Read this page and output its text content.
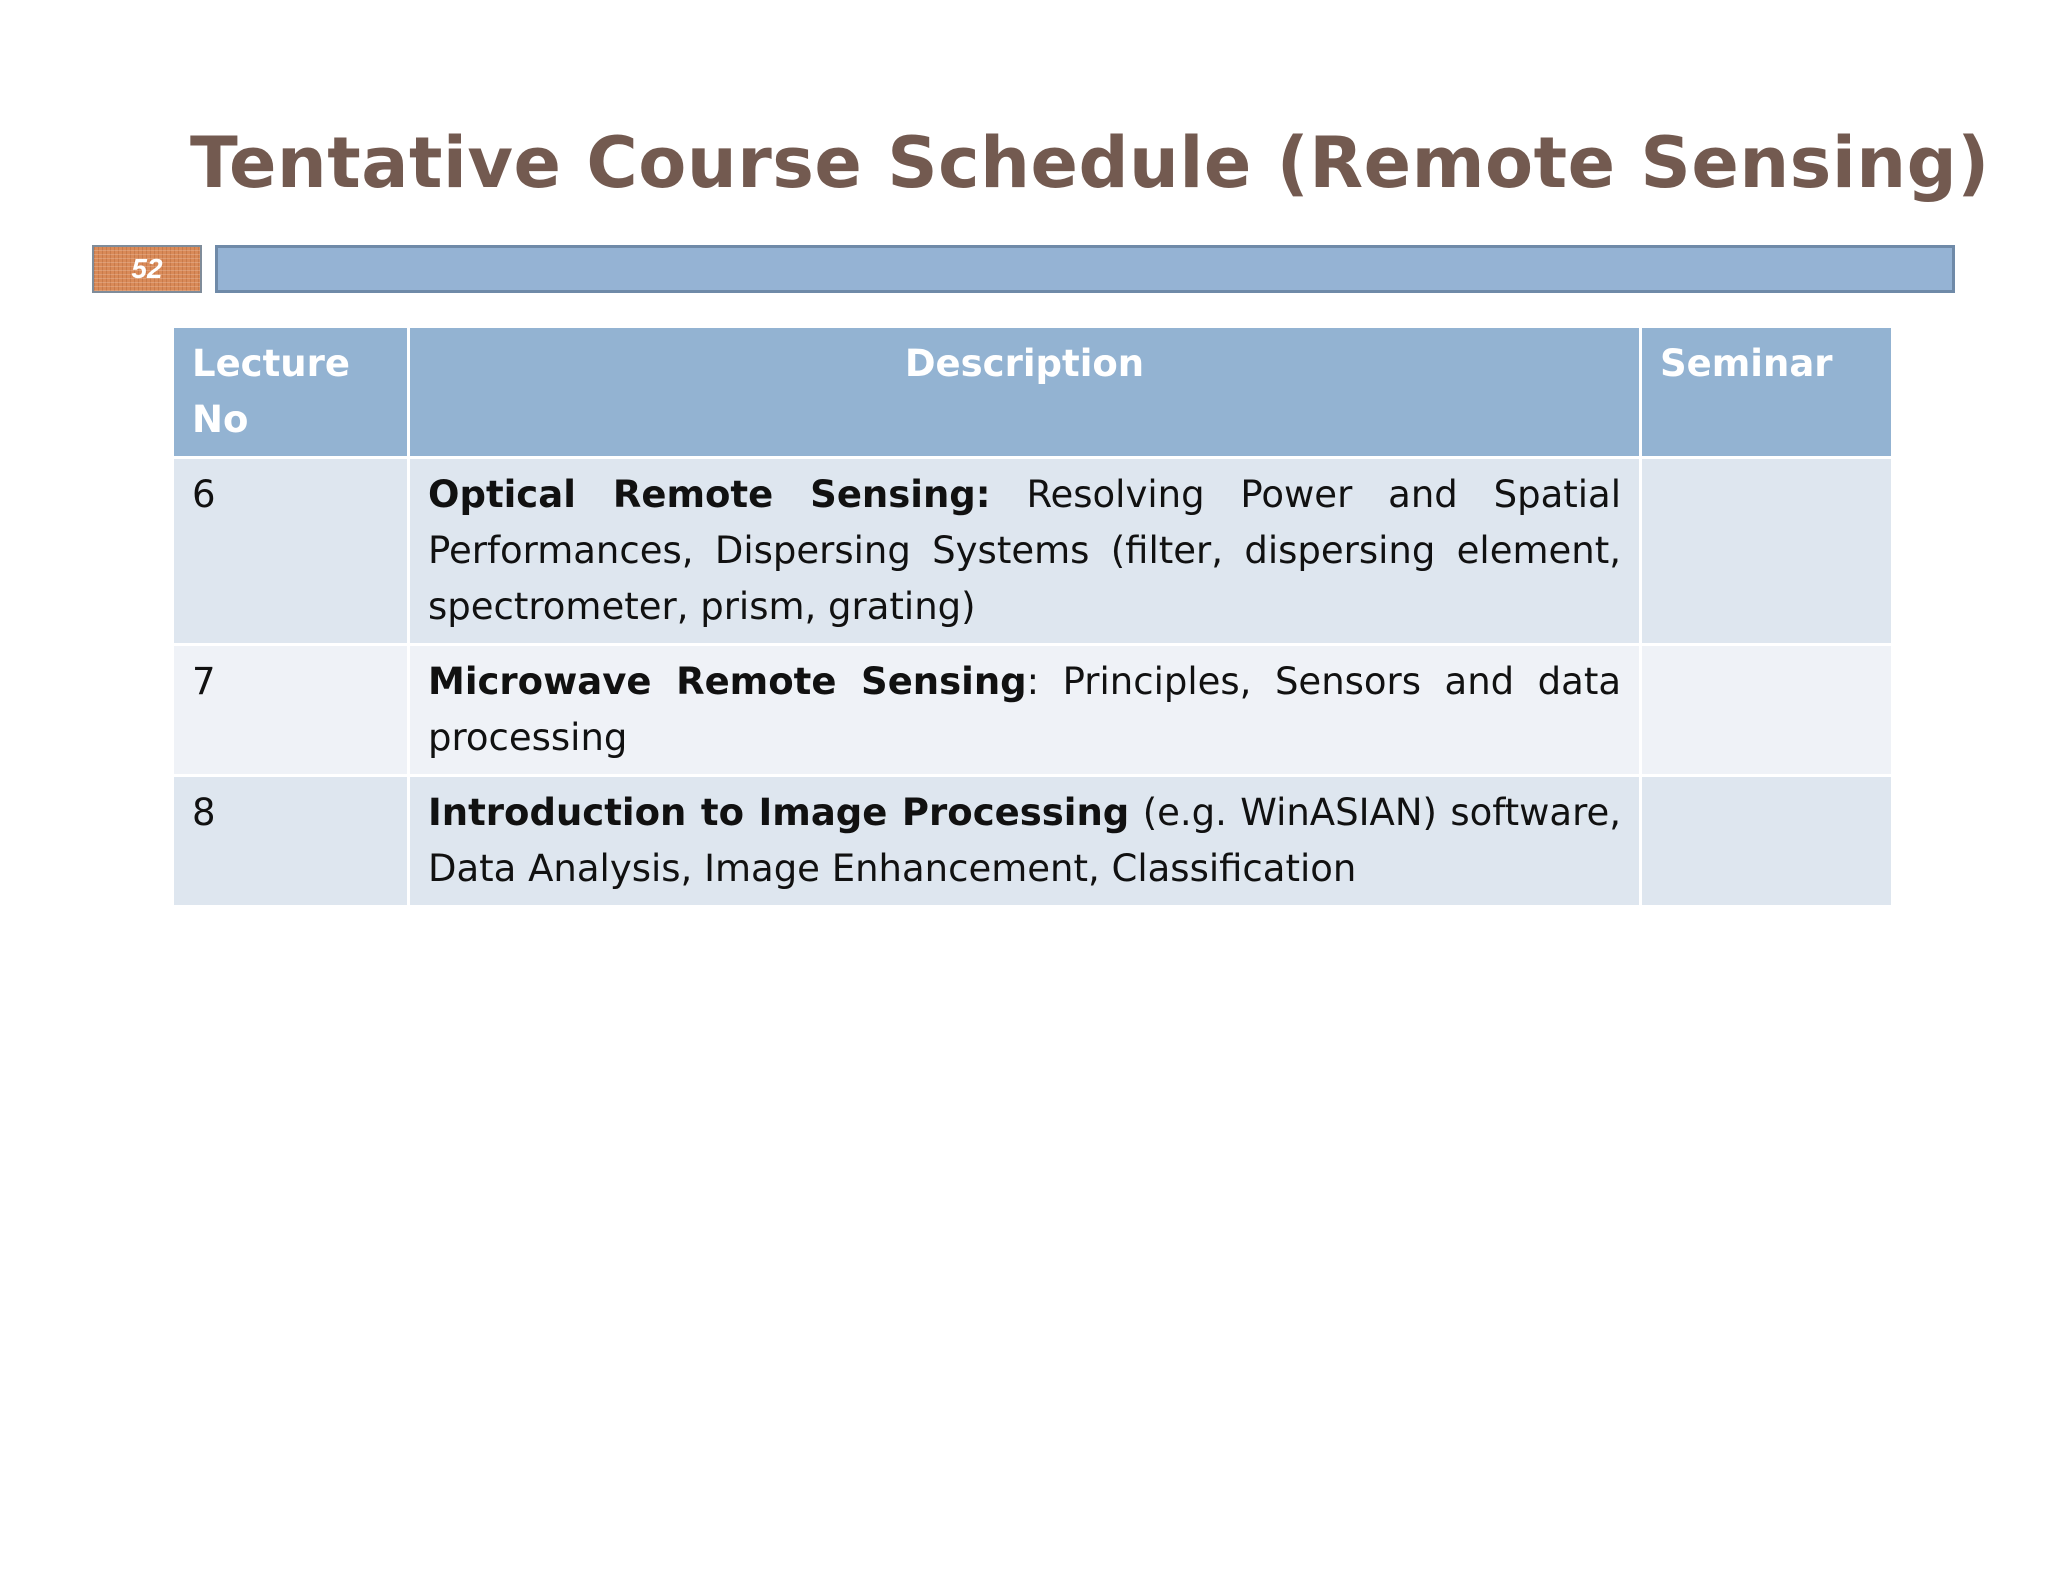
Tentative Course Schedule (Remote Sensing)
52
Lecture No	Description	Seminar
6	Optical Remote Sensing: Resolving Power and Spatial Performances, Dispersing Systems (filter, dispersing element, spectrometer, prism, grating)	
7	Microwave Remote Sensing: Principles, Sensors and data processing	
8	Introduction to Image Processing (e.g. WinASIAN) software, Data Analysis, Image Enhancement, Classification	
